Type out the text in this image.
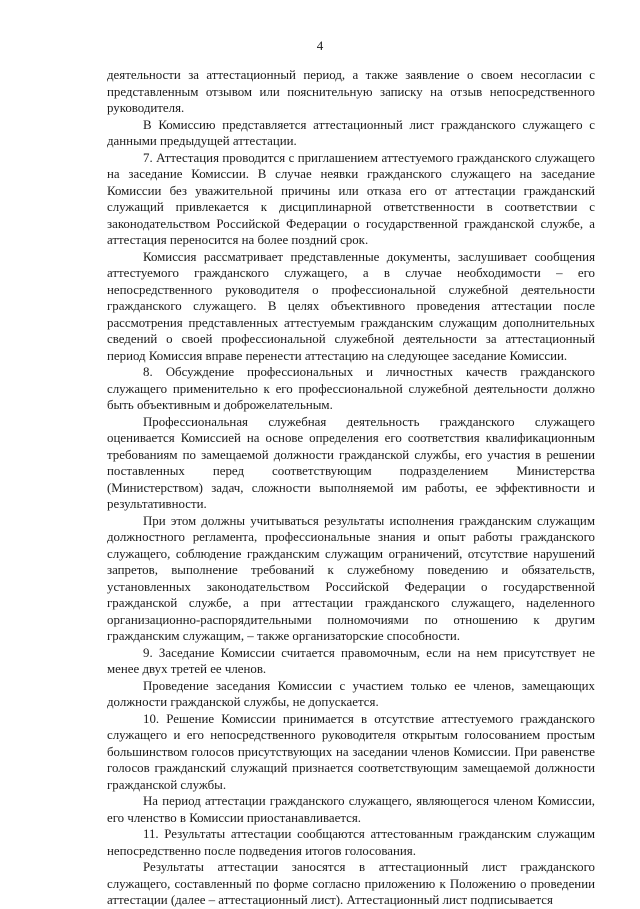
4

деятельности за аттестационный период, а также заявление о своем несогласии с представленным отзывом или пояснительную записку на отзыв непосредственного руководителя.

В Комиссию представляется аттестационный лист гражданского служащего с данными предыдущей аттестации.

7. Аттестация проводится с приглашением аттестуемого гражданского служащего на заседание Комиссии. В случае неявки гражданского служащего на заседание Комиссии без уважительной причины или отказа его от аттестации гражданский служащий привлекается к дисциплинарной ответственности в соответствии с законодательством Российской Федерации о государственной гражданской службе, а аттестация переносится на более поздний срок.

Комиссия рассматривает представленные документы, заслушивает сообщения аттестуемого гражданского служащего, а в случае необходимости – его непосредственного руководителя о профессиональной служебной деятельности гражданского служащего. В целях объективного проведения аттестации после рассмотрения представленных аттестуемым гражданским служащим дополнительных сведений о своей профессиональной служебной деятельности за аттестационный период Комиссия вправе перенести аттестацию на следующее заседание Комиссии.

8. Обсуждение профессиональных и личностных качеств гражданского служащего применительно к его профессиональной служебной деятельности должно быть объективным и доброжелательным.

Профессиональная служебная деятельность гражданского служащего оценивается Комиссией на основе определения его соответствия квалификационным требованиям по замещаемой должности гражданской службы, его участия в решении поставленных перед соответствующим подразделением Министерства (Министерством) задач, сложности выполняемой им работы, ее эффективности и результативности.

При этом должны учитываться результаты исполнения гражданским служащим должностного регламента, профессиональные знания и опыт работы гражданского служащего, соблюдение гражданским служащим ограничений, отсутствие нарушений запретов, выполнение требований к служебному поведению и обязательств, установленных законодательством Российской Федерации о государственной гражданской службе, а при аттестации гражданского служащего, наделенного организационно-распорядительными полномочиями по отношению к другим гражданским служащим, – также организаторские способности.

9. Заседание Комиссии считается правомочным, если на нем присутствует не менее двух третей ее членов.

Проведение заседания Комиссии с участием только ее членов, замещающих должности гражданской службы, не допускается.

10. Решение Комиссии принимается в отсутствие аттестуемого гражданского служащего и его непосредственного руководителя открытым голосованием простым большинством голосов присутствующих на заседании членов Комиссии. При равенстве голосов гражданский служащий признается соответствующим замещаемой должности гражданской службы.

На период аттестации гражданского служащего, являющегося членом Комиссии, его членство в Комиссии приостанавливается.

11. Результаты аттестации сообщаются аттестованным гражданским служащим непосредственно после подведения итогов голосования.

Результаты аттестации заносятся в аттестационный лист гражданского служащего, составленный по форме согласно приложению к Положению о проведении аттестации (далее – аттестационный лист). Аттестационный лист подписывается
